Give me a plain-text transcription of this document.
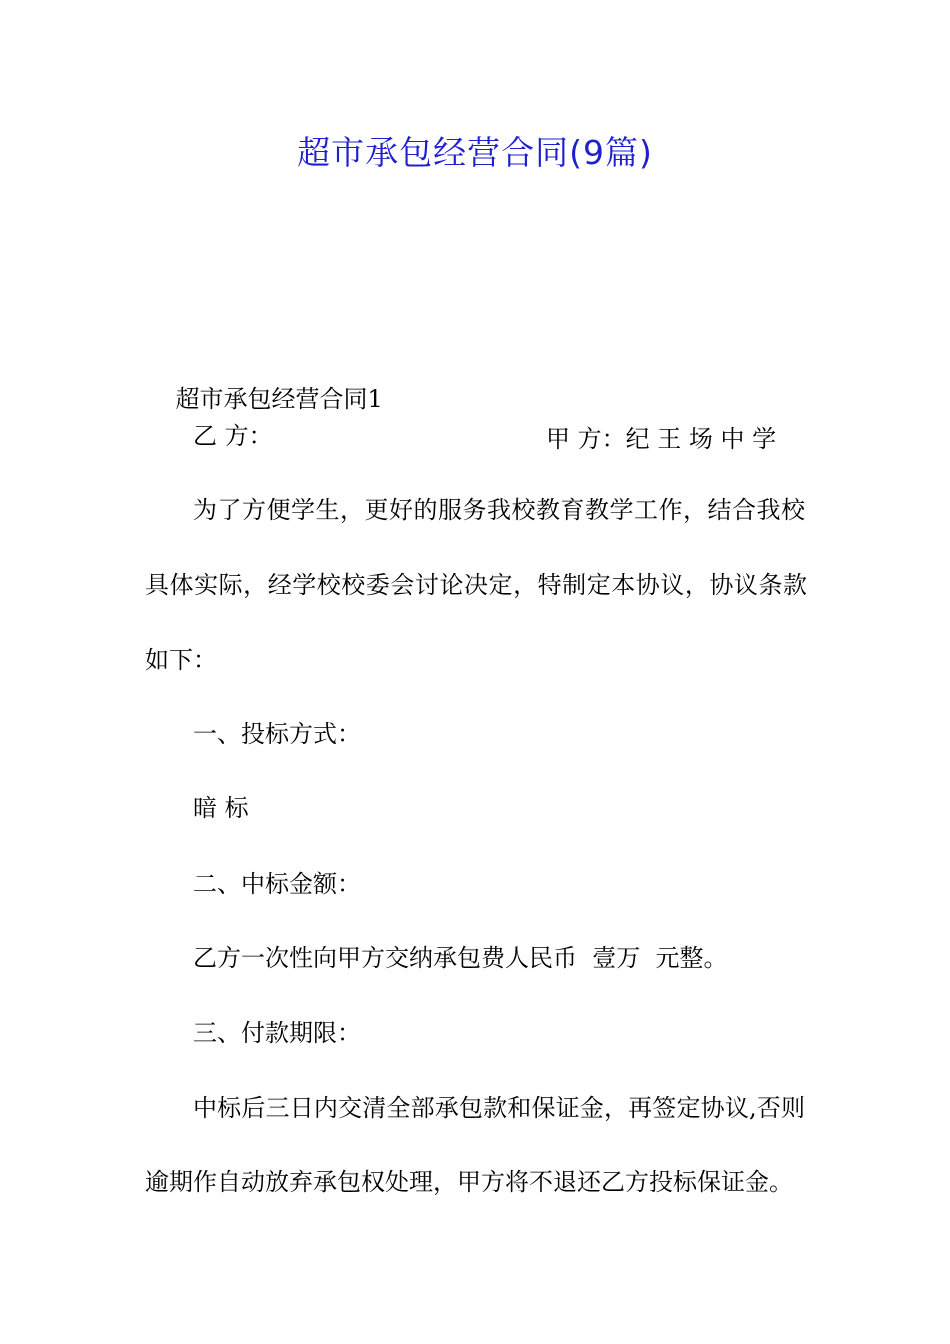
超市承包经营合同(9篇)

超市承包经营合同1

甲 方：纪 王 场 中 学

乙 方：
为了方便学生，更好的服务我校教育教学工作，结合我校
具体实际，经学校校委会讨论决定，特制定本协议，协议条款
如下：
一、投标方式：
暗 标
二、中标金额：
乙方一次性向甲方交纳承包费人民币  壹万  元整。
三、付款期限：
中标后三日内交清全部承包款和保证金，再签定协议,否则
逾期作自动放弃承包权处理，甲方将不退还乙方投标保证金。
